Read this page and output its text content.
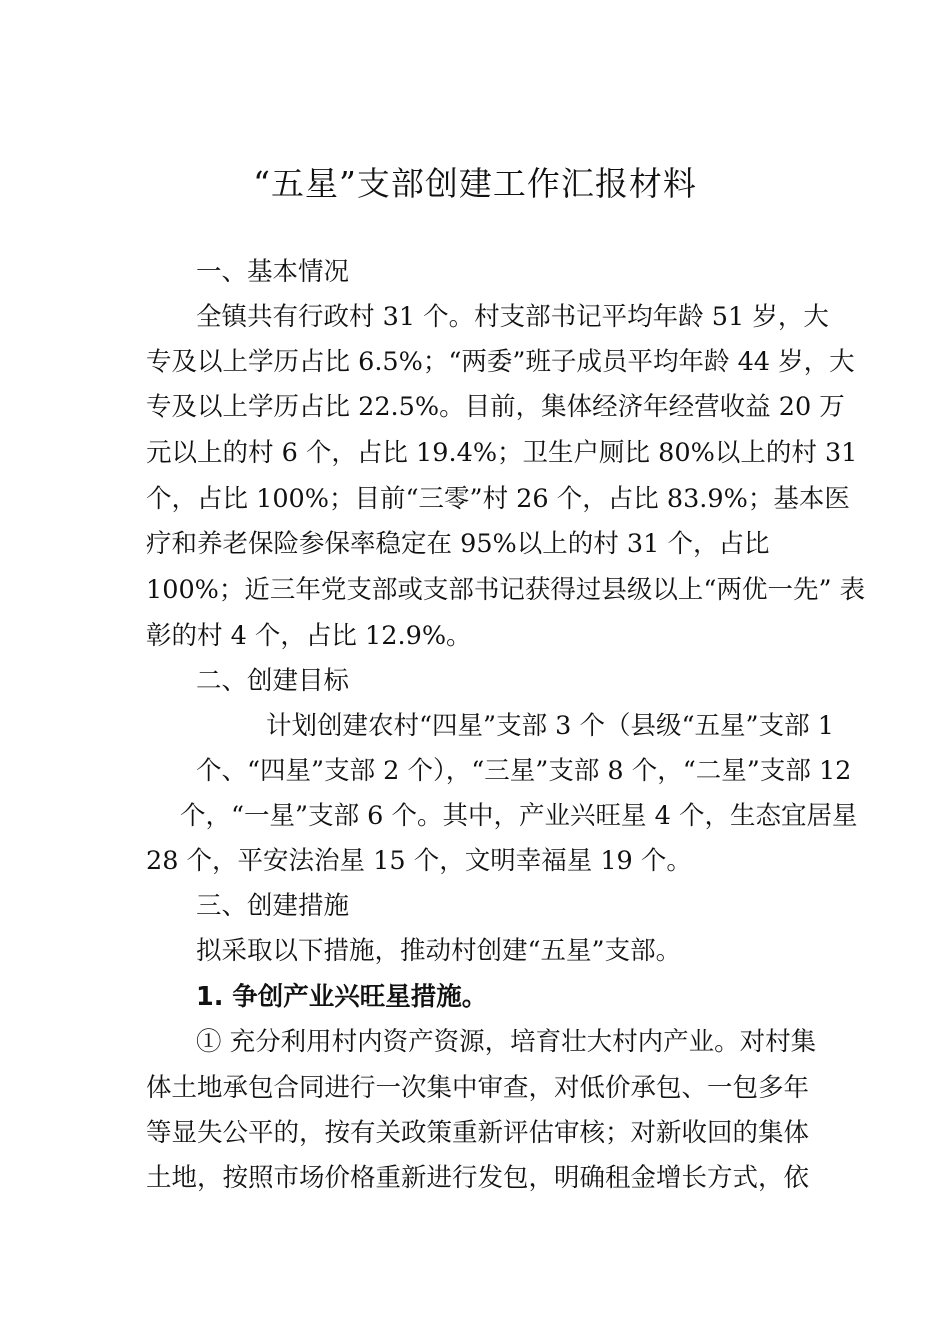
“五星”支部创建工作汇报材料
一、基本情况
全镇共有行政村 31 个。村支部书记平均年龄 51 岁，大
专及以上学历占比 6.5%；“两委”班子成员平均年龄 44 岁，大
专及以上学历占比 22.5%。目前，集体经济年经营收益 20 万
元以上的村 6 个，占比 19.4%；卫生户厕比 80%以上的村 31
个，占比 100%；目前“三零”村 26 个，占比 83.9%；基本医
疗和养老保险参保率稳定在 95%以上的村 31 个，占比
100%；近三年党支部或支部书记获得过县级以上“两优一先” 表
彰的村 4 个，占比 12.9%。
二、创建目标
计划创建农村“四星”支部 3 个（县级“五星”支部 1
个、“四星”支部 2 个），“三星”支部 8 个，“二星”支部 12
个，“一星”支部 6 个。其中，产业兴旺星 4 个，生态宜居星
28 个，平安法治星 15 个，文明幸福星 19 个。
三、创建措施
拟采取以下措施，推动村创建“五星”支部。
1. 争创产业兴旺星措施。
① 充分利用村内资产资源，培育壮大村内产业。对村集
体土地承包合同进行一次集中审查，对低价承包、一包多年
等显失公平的，按有关政策重新评估审核；对新收回的集体
土地，按照市场价格重新进行发包，明确租金增长方式，依
